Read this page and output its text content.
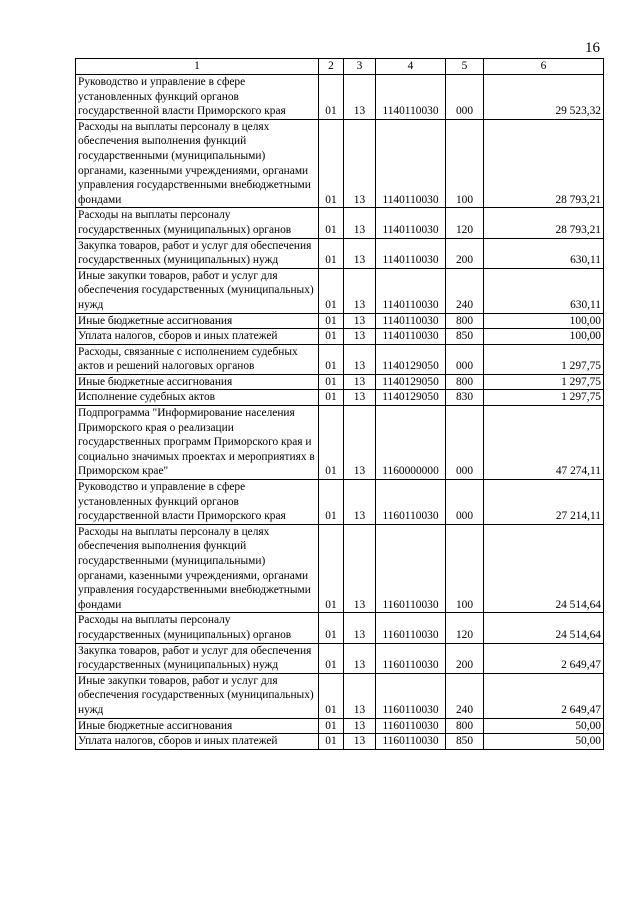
16
1	2	3	4	5	6
Руководство и управление в сфере установленных функций органов государственной власти Приморского края	01	13	1140110030	000	29 523,32
Расходы на выплаты персоналу в целях обеспечения выполнения функций государственными (муниципальными) органами, казенными учреждениями, органами управления государственными внебюджетными фондами	01	13	1140110030	100	28 793,21
Расходы на выплаты персоналу государственных (муниципальных) органов	01	13	1140110030	120	28 793,21
Закупка товаров, работ и услуг для обеспечения государственных (муниципальных) нужд	01	13	1140110030	200	630,11
Иные закупки товаров, работ и услуг для обеспечения государственных (муниципальных) нужд	01	13	1140110030	240	630,11
Иные бюджетные ассигнования	01	13	1140110030	800	100,00
Уплата налогов, сборов и иных платежей	01	13	1140110030	850	100,00
Расходы, связанные с исполнением судебных актов и решений налоговых органов	01	13	1140129050	000	1 297,75
Иные бюджетные ассигнования	01	13	1140129050	800	1 297,75
Исполнение судебных актов	01	13	1140129050	830	1 297,75
Подпрограмма "Информирование населения Приморского края о реализации государственных программ Приморского края и социально значимых проектах и мероприятиях в Приморском крае"	01	13	1160000000	000	47 274,11
Руководство и управление в сфере установленных функций органов государственной власти Приморского края	01	13	1160110030	000	27 214,11
Расходы на выплаты персоналу в целях обеспечения выполнения функций государственными (муниципальными) органами, казенными учреждениями, органами управления государственными внебюджетными фондами	01	13	1160110030	100	24 514,64
Расходы на выплаты персоналу государственных (муниципальных) органов	01	13	1160110030	120	24 514,64
Закупка товаров, работ и услуг для обеспечения государственных (муниципальных) нужд	01	13	1160110030	200	2 649,47
Иные закупки товаров, работ и услуг для обеспечения государственных (муниципальных) нужд	01	13	1160110030	240	2 649,47
Иные бюджетные ассигнования	01	13	1160110030	800	50,00
Уплата налогов, сборов и иных платежей	01	13	1160110030	850	50,00
